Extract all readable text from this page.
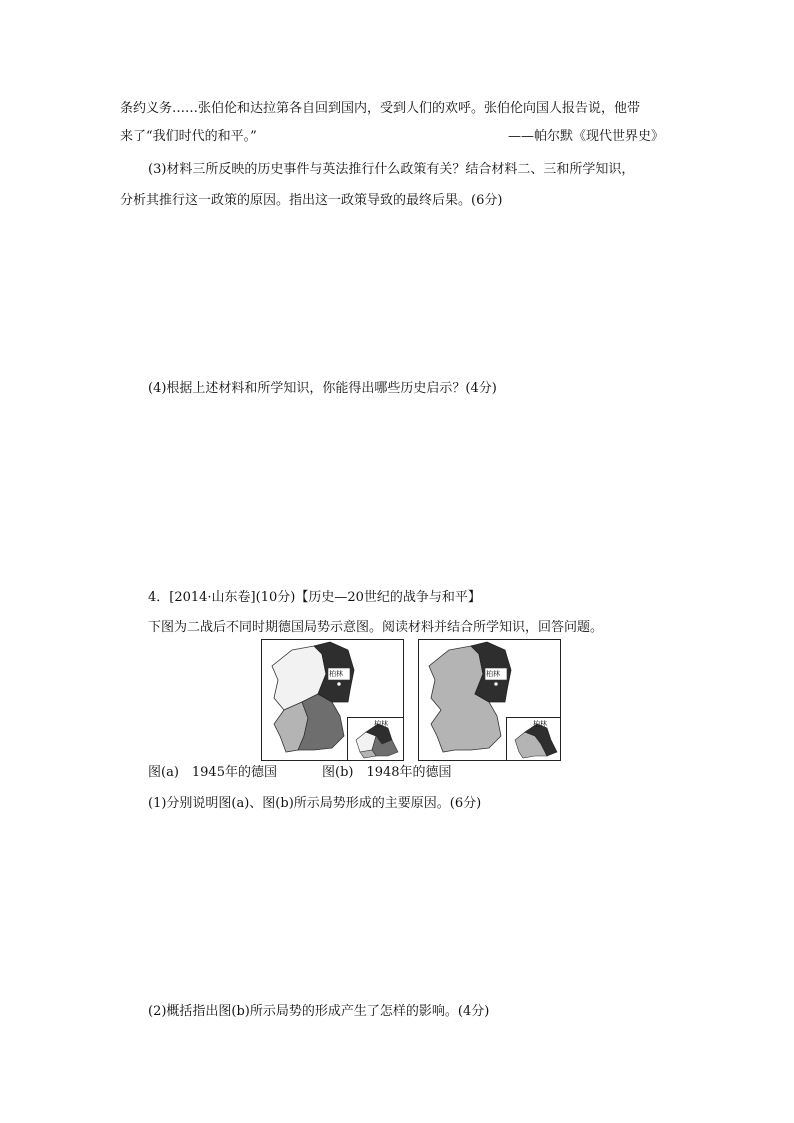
条约义务……张伯伦和达拉第各自回到国内，受到人们的欢呼。张伯伦向国人报告说，他带
来了“我们时代的和平。”	——帕尔默《现代世界史》
(3)材料三所反映的历史事件与英法推行什么政策有关？结合材料二、三和所学知识，
分析其推行这一政策的原因。指出这一政策导致的最终后果。(6分)
(4)根据上述材料和所学知识，你能得出哪些历史启示？(4分)
4．[2014·山东卷](10分)【历史—20世纪的战争与和平】
下图为二战后不同时期德国局势示意图。阅读材料并结合所学知识，回答问题。
柏林
柏林
柏林
柏林
图(a)　1945年的德国	图(b)　1948年的德国
(1)分别说明图(a)、图(b)所示局势形成的主要原因。(6分)
(2)概括指出图(b)所示局势的形成产生了怎样的影响。(4分)
